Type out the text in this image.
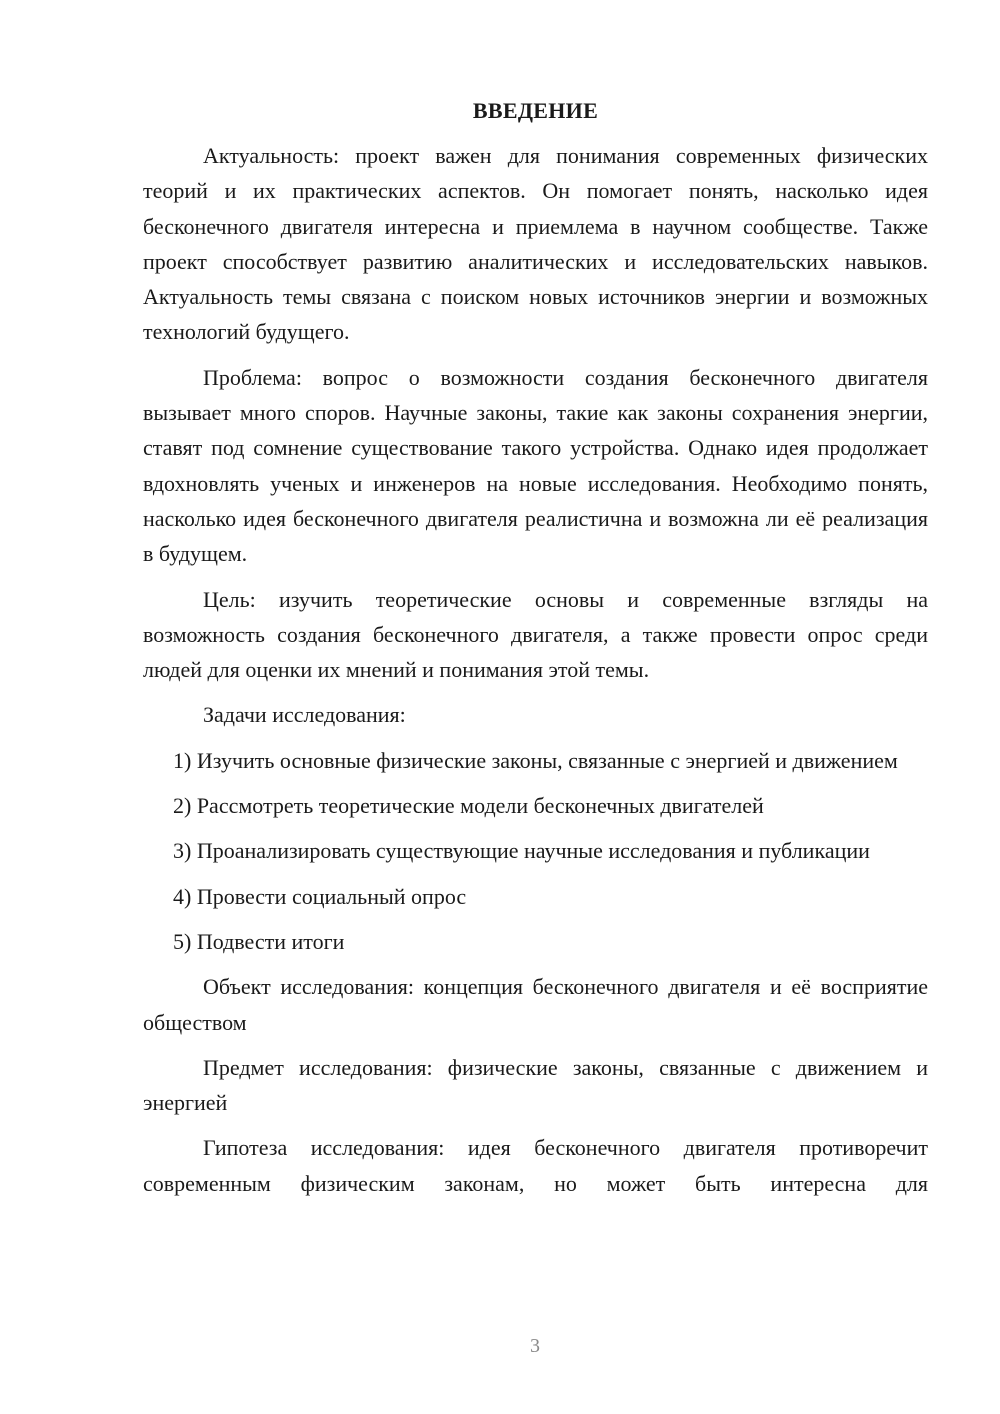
ВВЕДЕНИЕ

Актуальность: проект важен для понимания современных физических теорий и их практических аспектов. Он помогает понять, насколько идея бесконечного двигателя интересна и приемлема в научном сообществе. Также проект способствует развитию аналитических и исследовательских навыков. Актуальность темы связана с поиском новых источников энергии и возможных технологий будущего.

Проблема: вопрос о возможности создания бесконечного двигателя вызывает много споров. Научные законы, такие как законы сохранения энергии, ставят под сомнение существование такого устройства. Однако идея продолжает вдохновлять ученых и инженеров на новые исследования. Необходимо понять, насколько идея бесконечного двигателя реалистична и возможна ли её реализация в будущем.

Цель: изучить теоретические основы и современные взгляды на возможность создания бесконечного двигателя, а также провести опрос среди людей для оценки их мнений и понимания этой темы.

Задачи исследования:

1) Изучить основные физические законы, связанные с энергией и движением

2) Рассмотреть теоретические модели бесконечных двигателей

3) Проанализировать существующие научные исследования и публикации

4) Провести социальный опрос

5) Подвести итоги

Объект исследования: концепция бесконечного двигателя и её восприятие обществом

Предмет исследования: физические законы, связанные с движением и энергией

Гипотеза исследования: идея бесконечного двигателя противоречит современным физическим законам, но может быть интересна для

3
